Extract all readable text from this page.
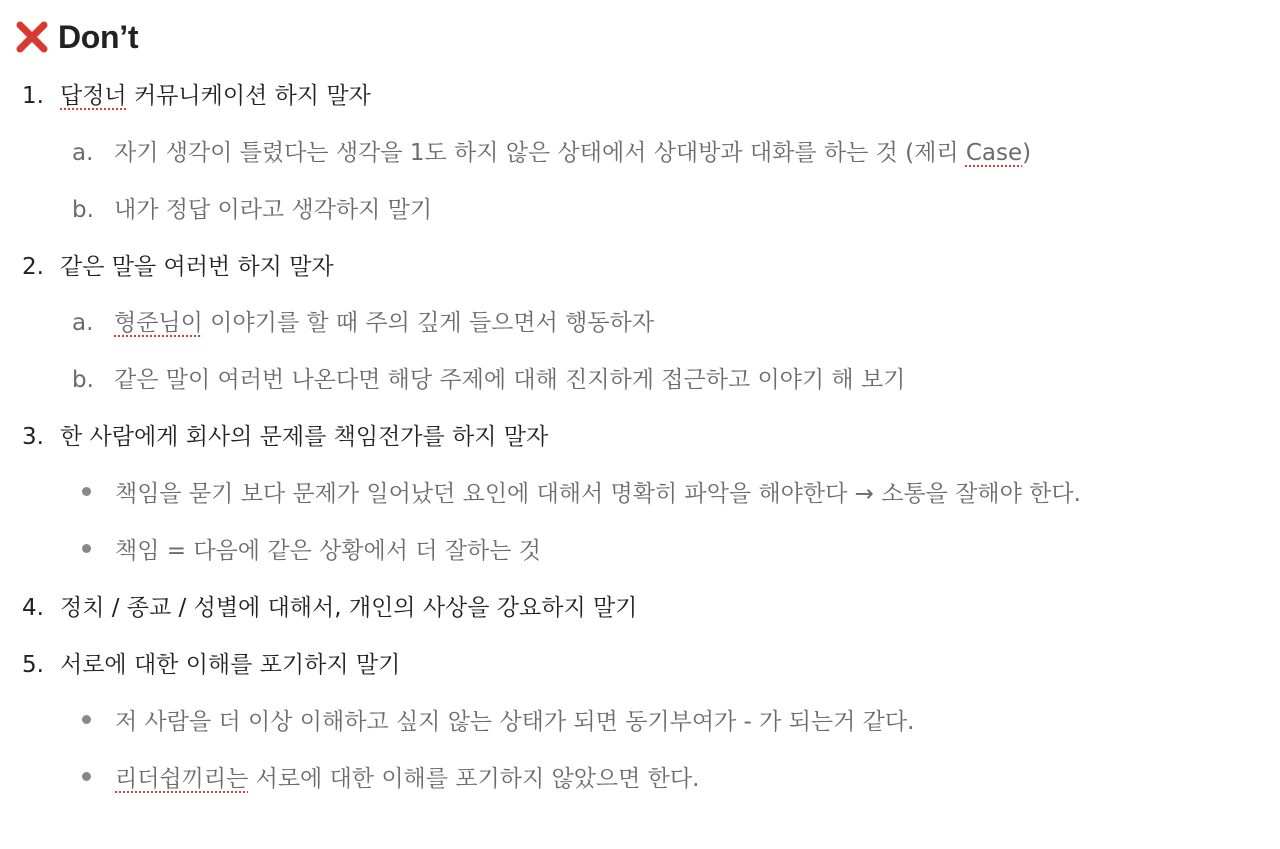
Don’t
1. 답정너 커뮤니케이션 하지 말자
a. 자기 생각이 틀렸다는 생각을 1도 하지 않은 상태에서 상대방과 대화를 하는 것 (제리 Case)
b. 내가 정답 이라고 생각하지 말기
2. 같은 말을 여러번 하지 말자
a. 형준님이 이야기를 할 때 주의 깊게 들으면서 행동하자
b. 같은 말이 여러번 나온다면 해당 주제에 대해 진지하게 접근하고 이야기 해 보기
3. 한 사람에게 회사의 문제를 책임전가를 하지 말자
책임을 묻기 보다 문제가 일어났던 요인에 대해서 명확히 파악을 해야한다 → 소통을 잘해야 한다.
책임 = 다음에 같은 상황에서 더 잘하는 것
4. 정치 / 종교 / 성별에 대해서, 개인의 사상을 강요하지 말기
5. 서로에 대한 이해를 포기하지 말기
저 사람을 더 이상 이해하고 싶지 않는 상태가 되면 동기부여가 - 가 되는거 같다.
리더쉽끼리는 서로에 대한 이해를 포기하지 않았으면 한다.
